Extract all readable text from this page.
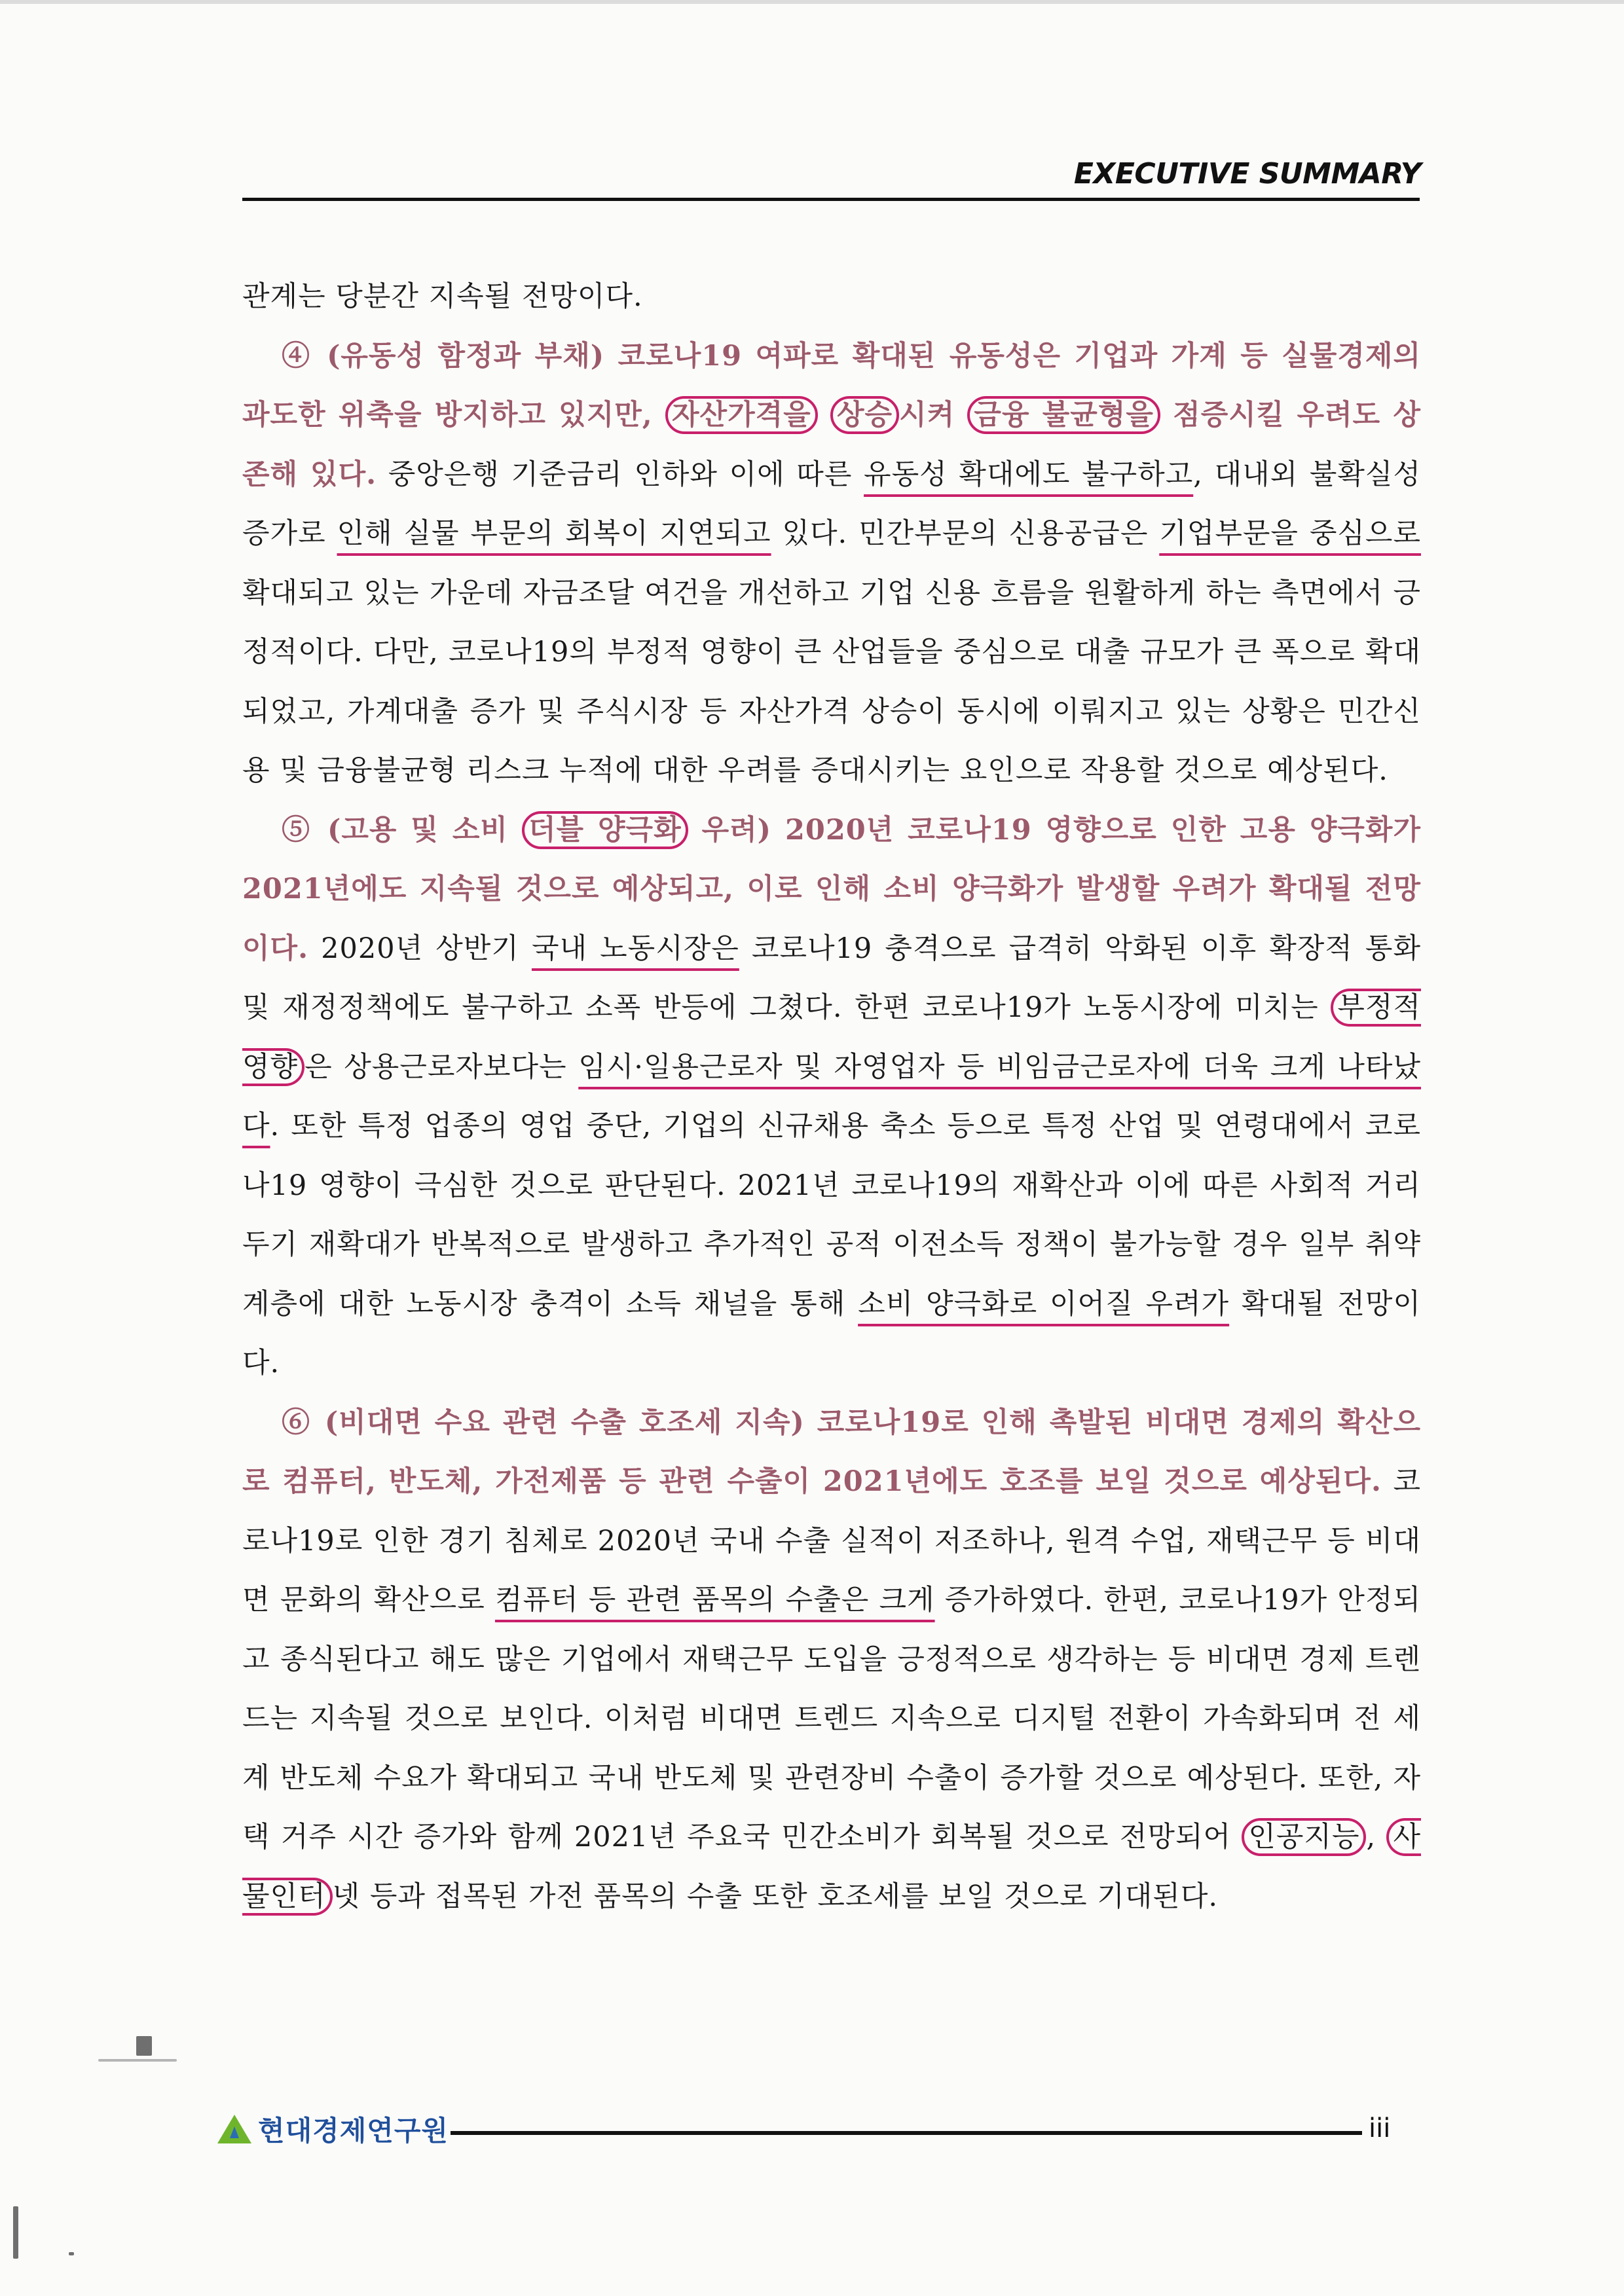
EXECUTIVE SUMMARY

관계는 당분간 지속될 전망이다.

④ (유동성 함정과 부채) 코로나19 여파로 확대된 유동성은 기업과 가계 등 실물경제의 과도한 위축을 방지하고 있지만, 자산가격을 상승 시켜 금융 불균형을 점증시킬 우려도 상존해 있다. 중앙은행 기준금리 인하와 이에 따른 유동성 확대에도 불구하고, 대내외 불확실성 증가로 인해 실물 부문의 회복이 지연되고 있다. 민간부문의 신용공급은 기업부문을 중심으로 확대되고 있는 가운데 자금조달 여건을 개선하고 기업 신용 흐름을 원활하게 하는 측면에서 긍정적이다. 다만, 코로나19의 부정적 영향이 큰 산업들을 중심으로 대출 규모가 큰 폭으로 확대되었고, 가계대출 증가 및 주식시장 등 자산가격 상승이 동시에 이뤄지고 있는 상황은 민간신용 및 금융불균형 리스크 누적에 대한 우려를 증대시키는 요인으로 작용할 것으로 예상된다.

⑤ (고용 및 소비 더블 양극화 우려) 2020년 코로나19 영향으로 인한 고용 양극화가 2021년에도 지속될 것으로 예상되고, 이로 인해 소비 양극화가 발생할 우려가 확대될 전망이다. 2020년 상반기 국내 노동시장은 코로나19 충격으로 급격히 악화된 이후 확장적 통화 및 재정정책에도 불구하고 소폭 반등에 그쳤다. 한편 코로나19가 노동시장에 미치는 부정적 영향 은 상용근로자보다는 임시·일용근로자 및 자영업자 등 비임금근로자에 더욱 크게 나타났다. 또한 특정 업종의 영업 중단, 기업의 신규채용 축소 등으로 특정 산업 및 연령대에서 코로나19 영향이 극심한 것으로 판단된다. 2021년 코로나19의 재확산과 이에 따른 사회적 거리두기 재확대가 반복적으로 발생하고 추가적인 공적 이전소득 정책이 불가능할 경우 일부 취약계층에 대한 노동시장 충격이 소득 채널을 통해 소비 양극화로 이어질 우려가 확대될 전망이다.

⑥ (비대면 수요 관련 수출 호조세 지속) 코로나19로 인해 촉발된 비대면 경제의 확산으로 컴퓨터, 반도체, 가전제품 등 관련 수출이 2021년에도 호조를 보일 것으로 예상된다. 코로나19로 인한 경기 침체로 2020년 국내 수출 실적이 저조하나, 원격 수업, 재택근무 등 비대면 문화의 확산으로 컴퓨터 등 관련 품목의 수출은 크게 증가하였다. 한편, 코로나19가 안정되고 종식된다고 해도 많은 기업에서 재택근무 도입을 긍정적으로 생각하는 등 비대면 경제 트렌드는 지속될 것으로 보인다. 이처럼 비대면 트렌드 지속으로 디지털 전환이 가속화되며 전 세계 반도체 수요가 확대되고 국내 반도체 및 관련장비 수출이 증가할 것으로 예상된다. 또한, 자택 거주 시간 증가와 함께 2021년 주요국 민간소비가 회복될 것으로 전망되어 인공지능 , 사물인터 넷 등과 접목된 가전 품목의 수출 또한 호조세를 보일 것으로 기대된다.

현대경제연구원	iii
